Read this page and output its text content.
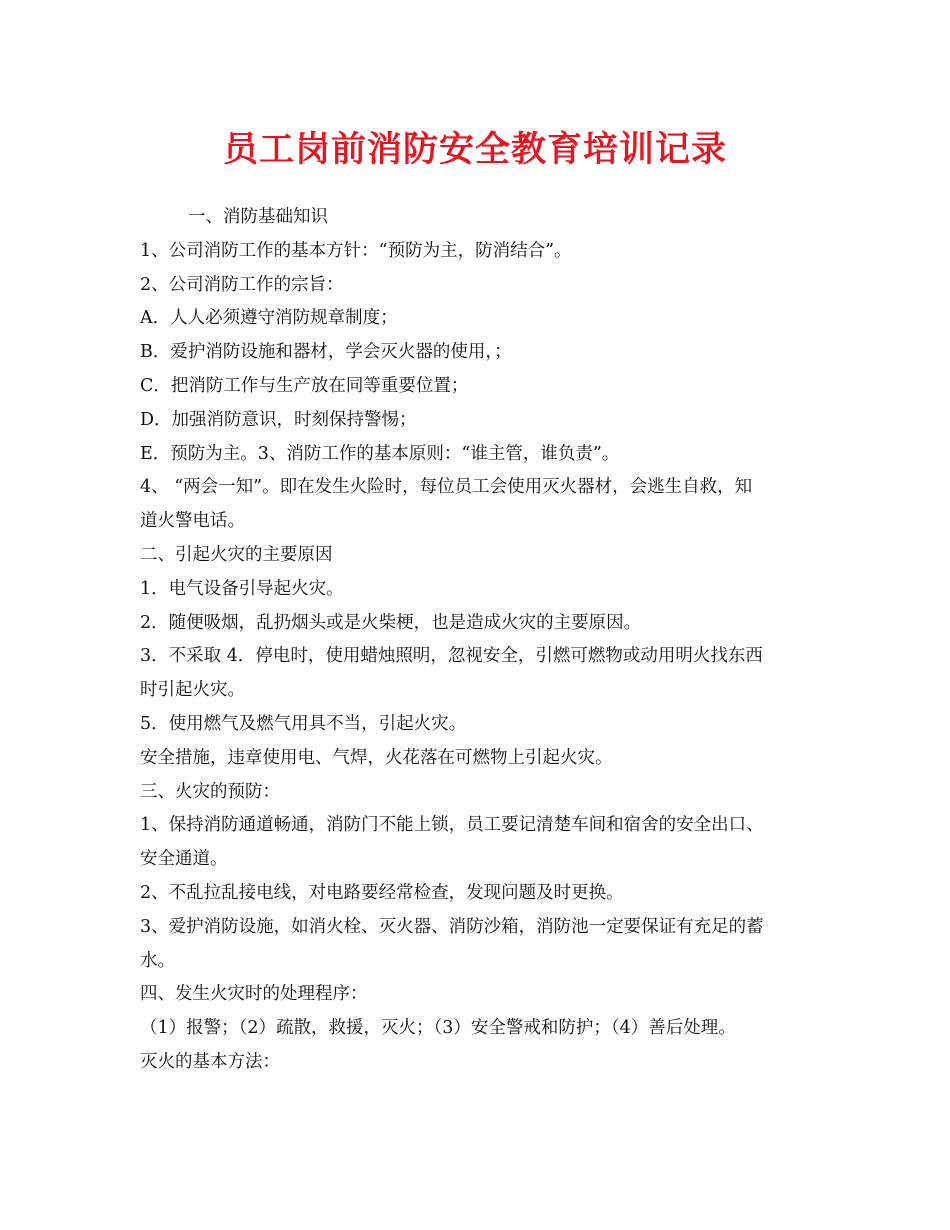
员工岗前消防安全教育培训记录
一、消防基础知识
1、公司消防工作的基本方针：“预防为主，防消结合”。
2、公司消防工作的宗旨：
A．人人必须遵守消防规章制度；
B．爱护消防设施和器材，学会灭火器的使用，；
C．把消防工作与生产放在同等重要位置；
D．加强消防意识，时刻保持警惕；
E．预防为主。3、消防工作的基本原则：“谁主管，谁负责”。
4、 “两会一知”。即在发生火险时，每位员工会使用灭火器材，会逃生自救，知
道火警电话。
二、引起火灾的主要原因
1．电气设备引导起火灾。
2．随便吸烟，乱扔烟头或是火柴梗，也是造成火灾的主要原因。
3．不采取 4．停电时，使用蜡烛照明，忽视安全，引燃可燃物或动用明火找东西
时引起火灾。
5．使用燃气及燃气用具不当，引起火灾。
安全措施，违章使用电、气焊，火花落在可燃物上引起火灾。
三、火灾的预防：
1、保持消防通道畅通，消防门不能上锁，员工要记清楚车间和宿舍的安全出口、
安全通道。
2、不乱拉乱接电线，对电路要经常检查，发现问题及时更换。
3、爱护消防设施，如消火栓、灭火器、消防沙箱，消防池一定要保证有充足的蓄
水。
四、发生火灾时的处理程序：
（1）报警；（2）疏散，救援，灭火；（3）安全警戒和防护；（4）善后处理。
灭火的基本方法：
